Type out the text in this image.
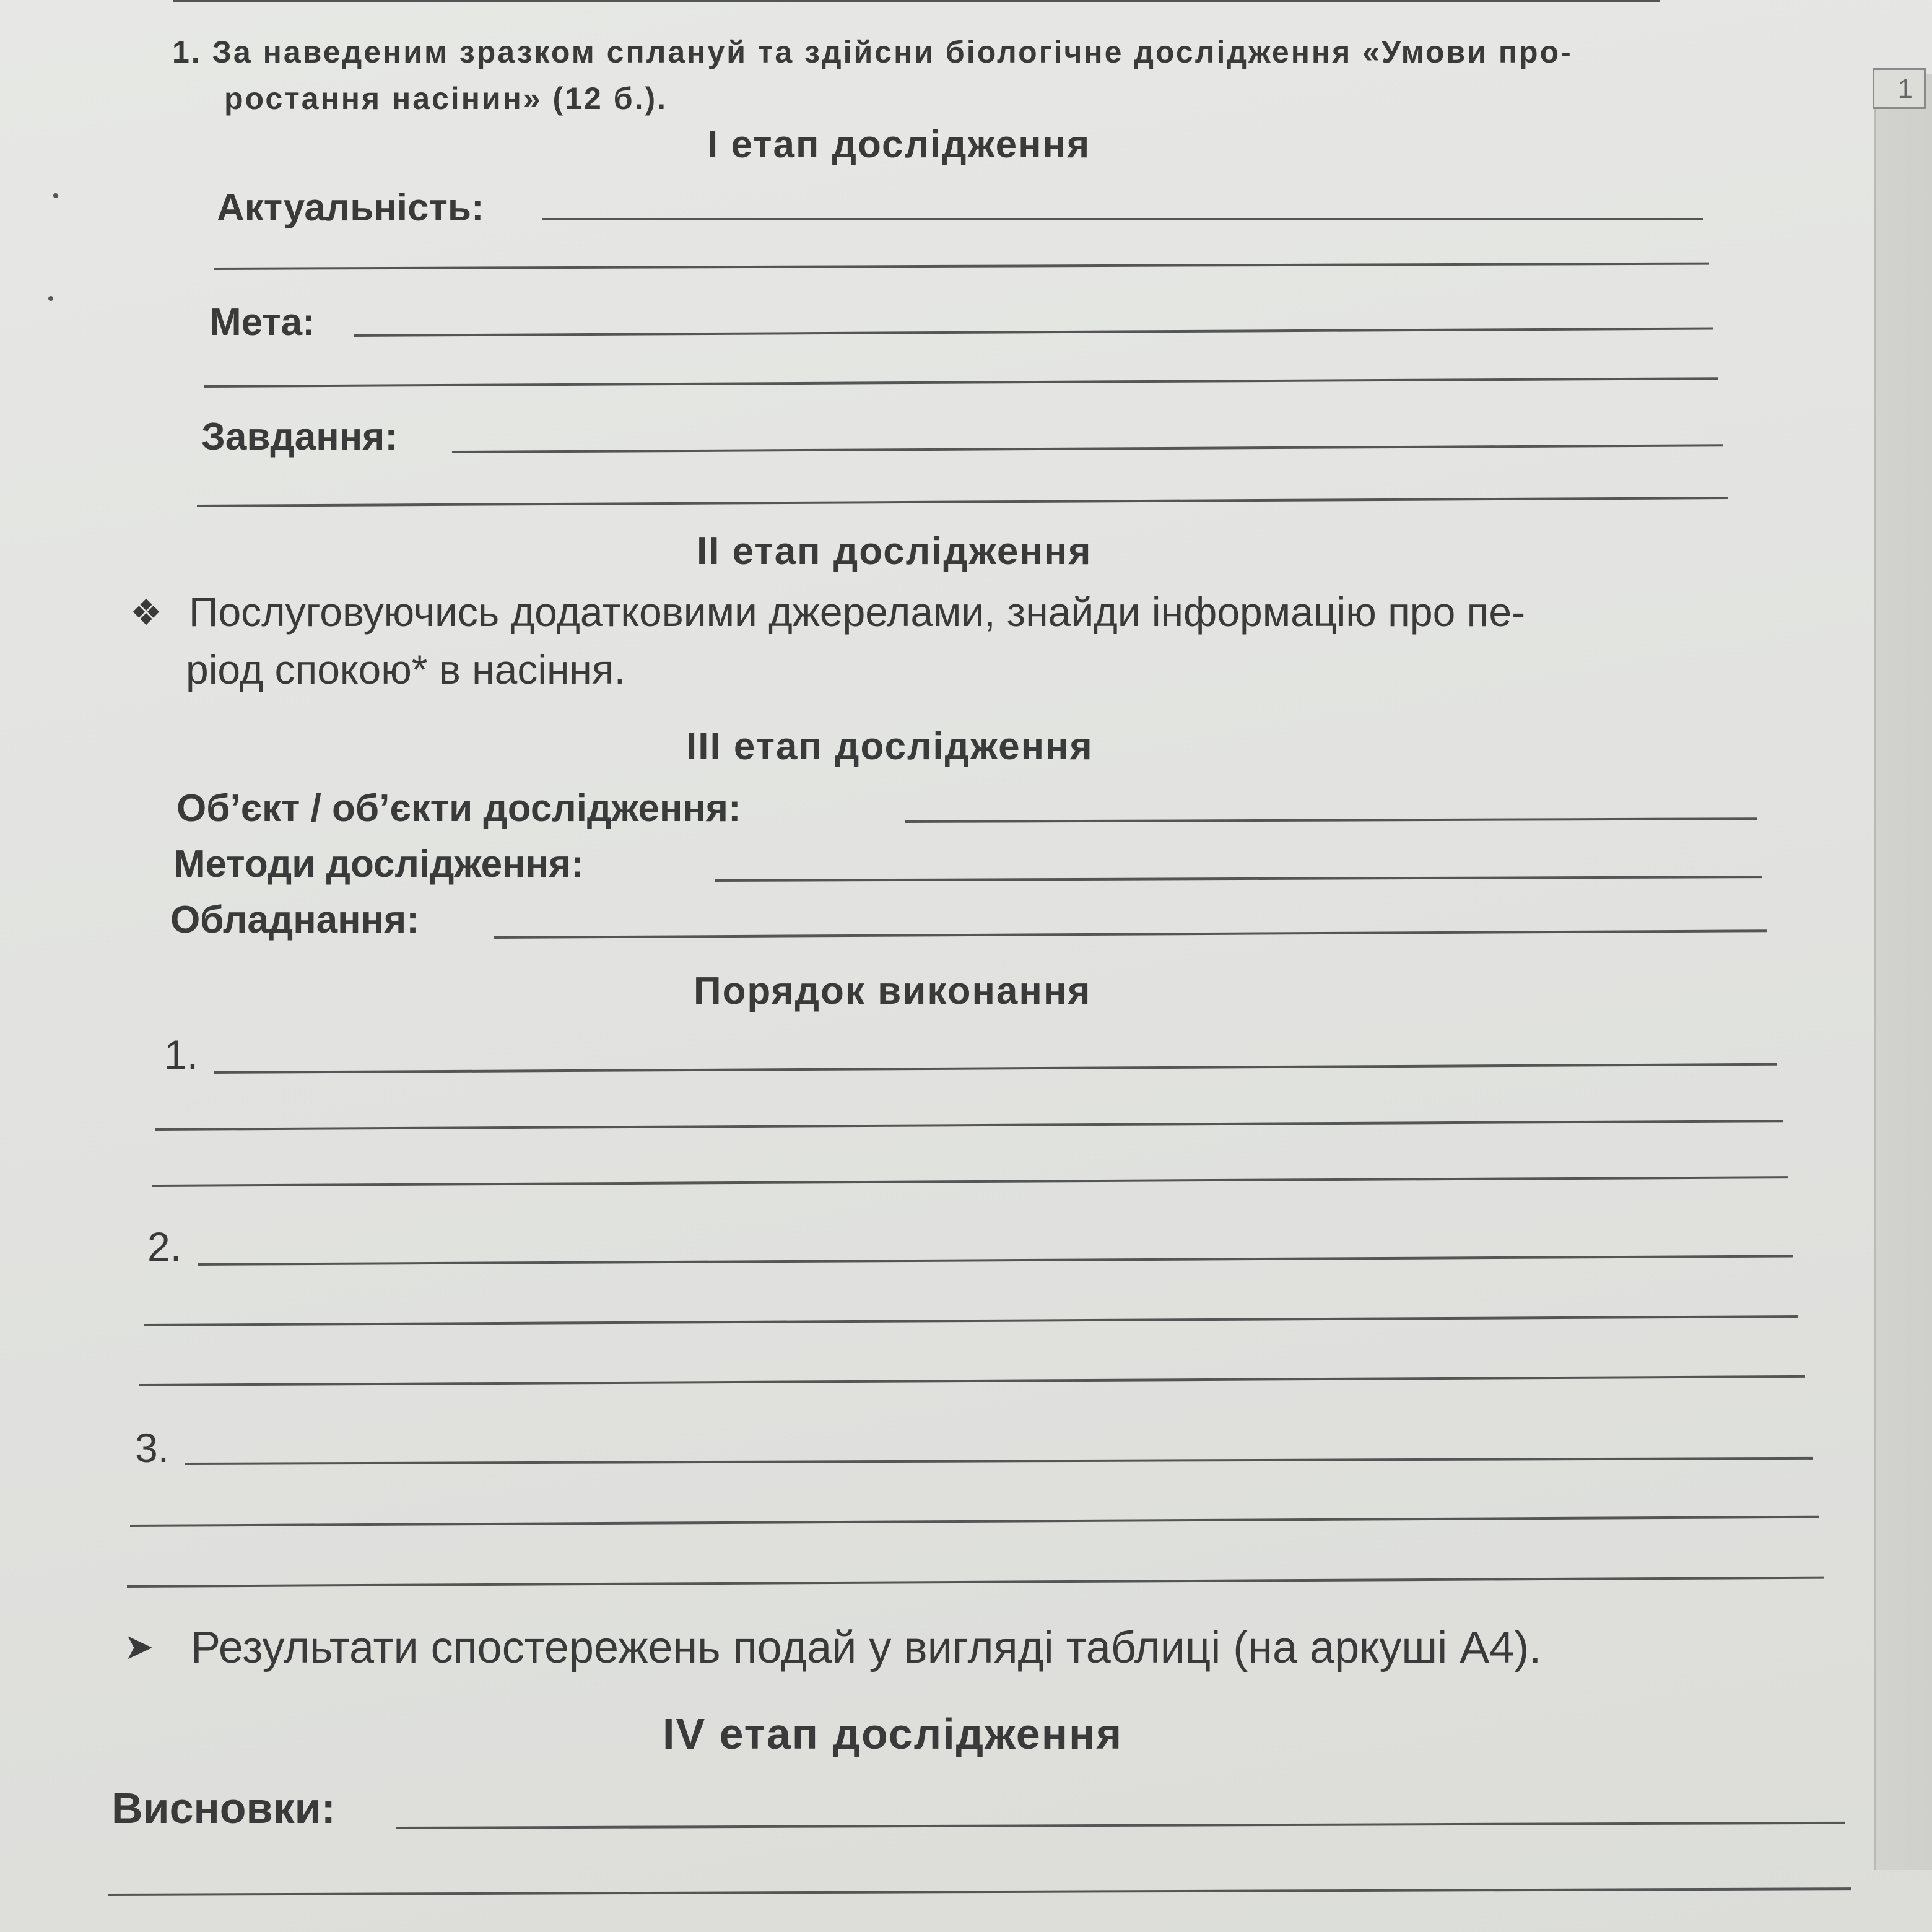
1
1. За наведеним зразком сплануй та здійсни біологічне дослідження «Умови про-
ростання насінин» (12 б.).
I етап дослідження
Актуальність:
Мета:
Завдання:
II етап дослідження
❖ Послуговуючись додатковими джерелами, знайди інформацію про пе-
ріод спокою* в насіння.
III етап дослідження
Об’єкт / об’єкти дослідження:
Методи дослідження:
Обладнання:
Порядок виконання
1.
2.
3.
➤ Результати спостережень подай у вигляді таблиці (на аркуші А4).
IV етап дослідження
Висновки:
